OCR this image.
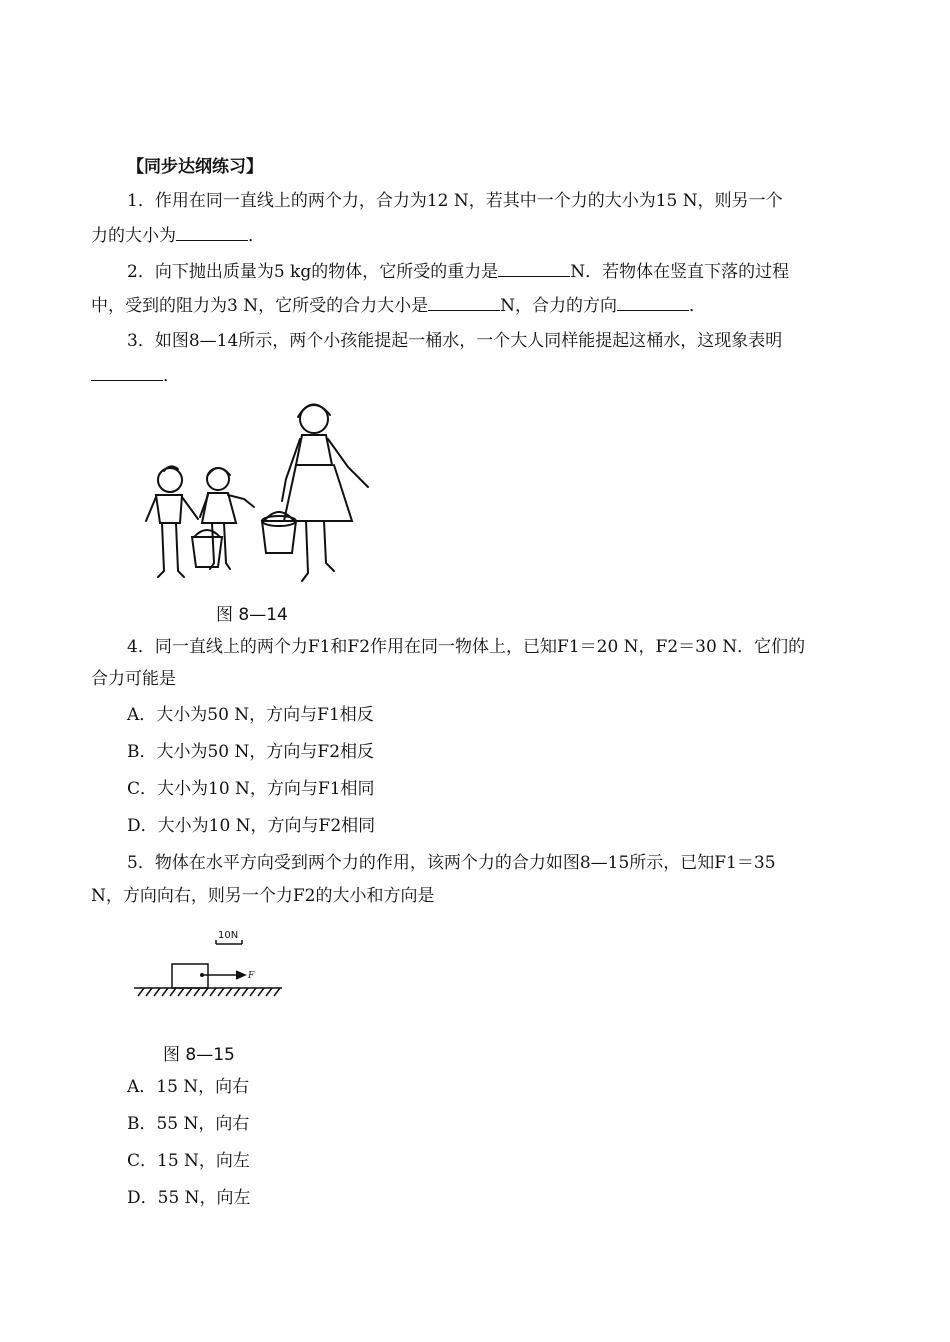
【同步达纲练习】
1．作用在同一直线上的两个力，合力为12 N，若其中一个力的大小为15 N，则另一个
力的大小为	．
2．向下抛出质量为5 kg的物体，它所受的重力是	N．若物体在竖直下落的过程
中，受到的阻力为3 N，它所受的合力大小是	N，合力的方向	．
3．如图8—14所示，两个小孩能提起一桶水，一个大人同样能提起这桶水，这现象表明
．
图 8—14
4．同一直线上的两个力F1和F2作用在同一物体上，已知F1＝20 N，F2＝30 N．它们的
合力可能是
A．大小为50 N，方向与F1相反
B．大小为50 N，方向与F2相反
C．大小为10 N，方向与F1相同
D．大小为10 N，方向与F2相同
5．物体在水平方向受到两个力的作用，该两个力的合力如图8—15所示，已知F1＝35
N，方向向右，则另一个力F2的大小和方向是
10N
F
图 8—15
A．15 N，向右
B．55 N，向右
C．15 N，向左
D．55 N，向左
